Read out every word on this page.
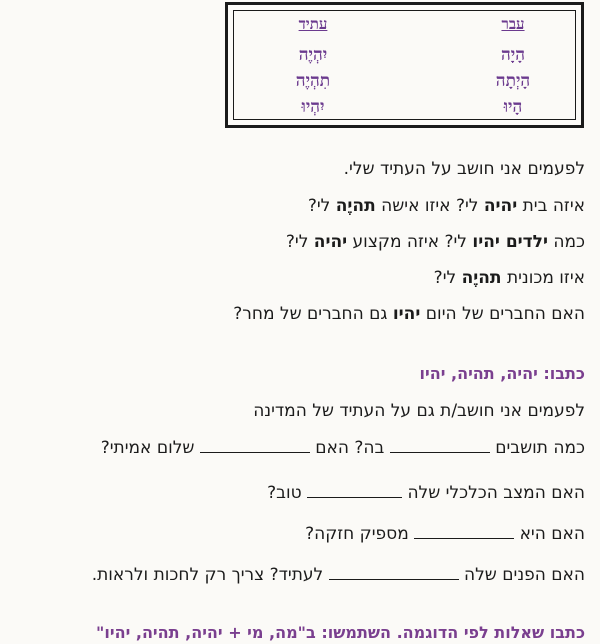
עבר
הָיָה
הָיְתָה
הָיוּ
עתיד
יִהְיֶה
תִהְיֶה
יִהְיוּ
לפעמים אני חושב על העתיד שלי.
איזה בית יהיה לי? איזו אישה תהיֶה לי?
כמה ילדים יהיו לי? איזה מקצוע יהיה לי?
איזו מכונית תהיֶה לי?
האם החברים של היום יהיו גם החברים של מחר?
כתבו: יהיה, תהיה, יהיו
לפעמים אני חושב/ת גם על העתיד של המדינה
כמה תושבים  בה? האם  שלום אמיתי?
האם המצב הכלכלי שלה  טוב?
האם היא  מספיק חזקה?
האם הפנים שלה  לעתיד? צריך רק לחכות ולראות.
כתבו שאלות לפי הדוגמה. השתמשו: ב"מה, מי + יהיה, תהיה, יהיו"
